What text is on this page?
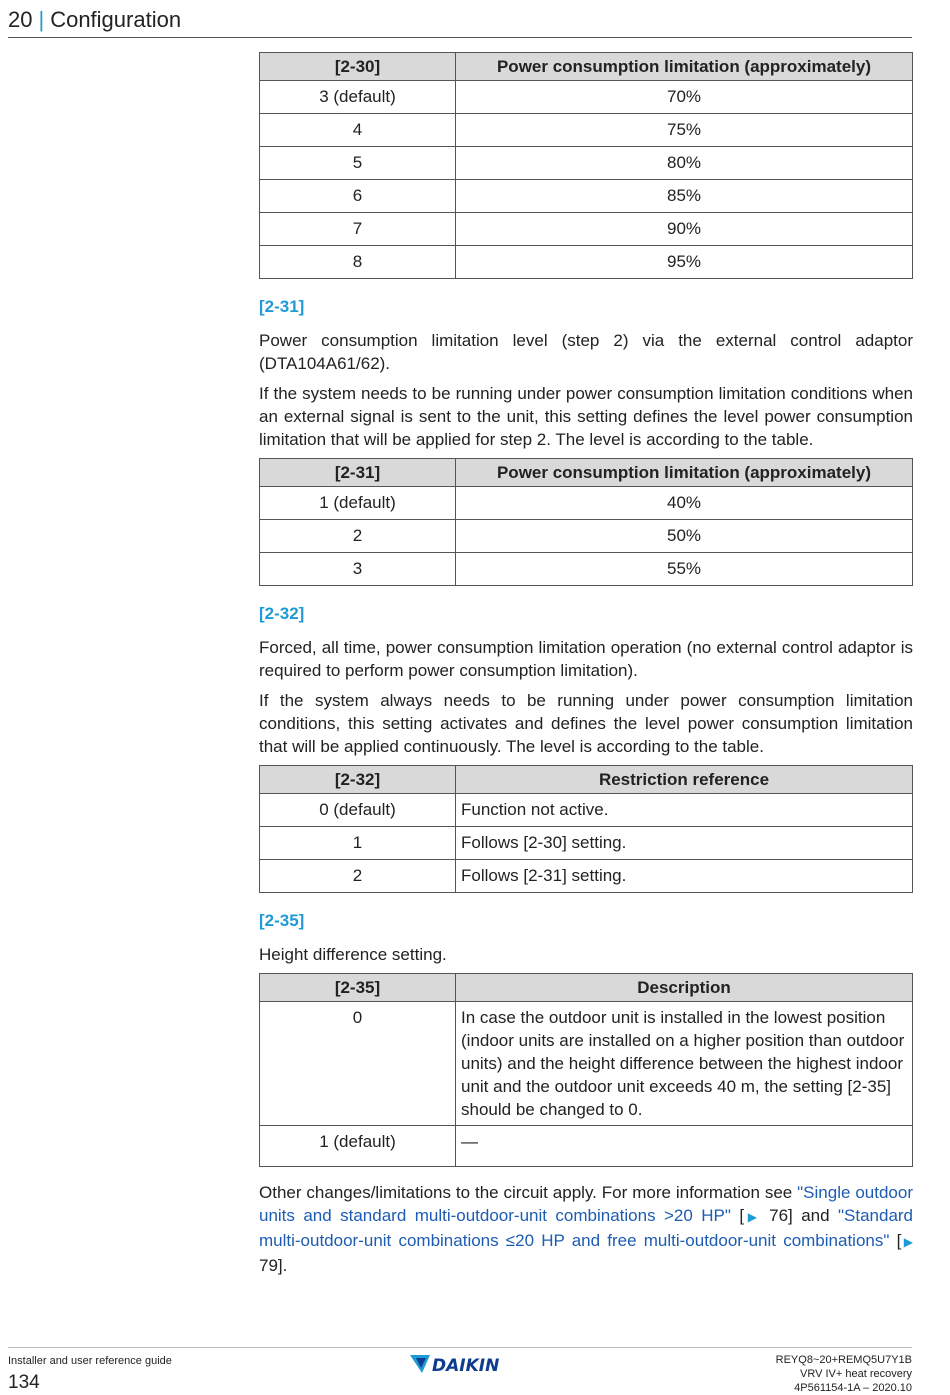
20 | Configuration
[2-30]	Power consumption limitation (approximately)
3 (default)	70%
4	75%
5	80%
6	85%
7	90%
8	95%
[2-31]

Power consumption limitation level (step 2) via the external control adaptor (DTA104A61/62).

If the system needs to be running under power consumption limitation conditions when an external signal is sent to the unit, this setting defines the level power consumption limitation that will be applied for step 2. The level is according to the table.

[2-31]	Power consumption limitation (approximately)
1 (default)	40%
2	50%
3	55%
[2-32]

Forced, all time, power consumption limitation operation (no external control adaptor is required to perform power consumption limitation).

If the system always needs to be running under power consumption limitation conditions, this setting activates and defines the level power consumption limitation that will be applied continuously. The level is according to the table.

[2-32]	Restriction reference
0 (default)	Function not active.
1	Follows [2-30] setting.
2	Follows [2-31] setting.
[2-35]

Height difference setting.

[2-35]	Description
0	In case the outdoor unit is installed in the lowest position (indoor units are installed on a higher position than outdoor units) and the height difference between the highest indoor unit and the outdoor unit exceeds 40 m, the setting [2-35] should be changed to 0.
1 (default)	—

Other changes/limitations to the circuit apply. For more information see "Single outdoor units and standard multi-outdoor-unit combinations >20 HP" [▶ 76] and "Standard multi-outdoor-unit combinations ≤20 HP and free multi-outdoor-unit combinations" [▶ 79].

Installer and user reference guide
134
DAIKIN	REYQ8~20+REMQ5U7Y1B
VRV IV+ heat recovery
4P561154-1A – 2020.10
